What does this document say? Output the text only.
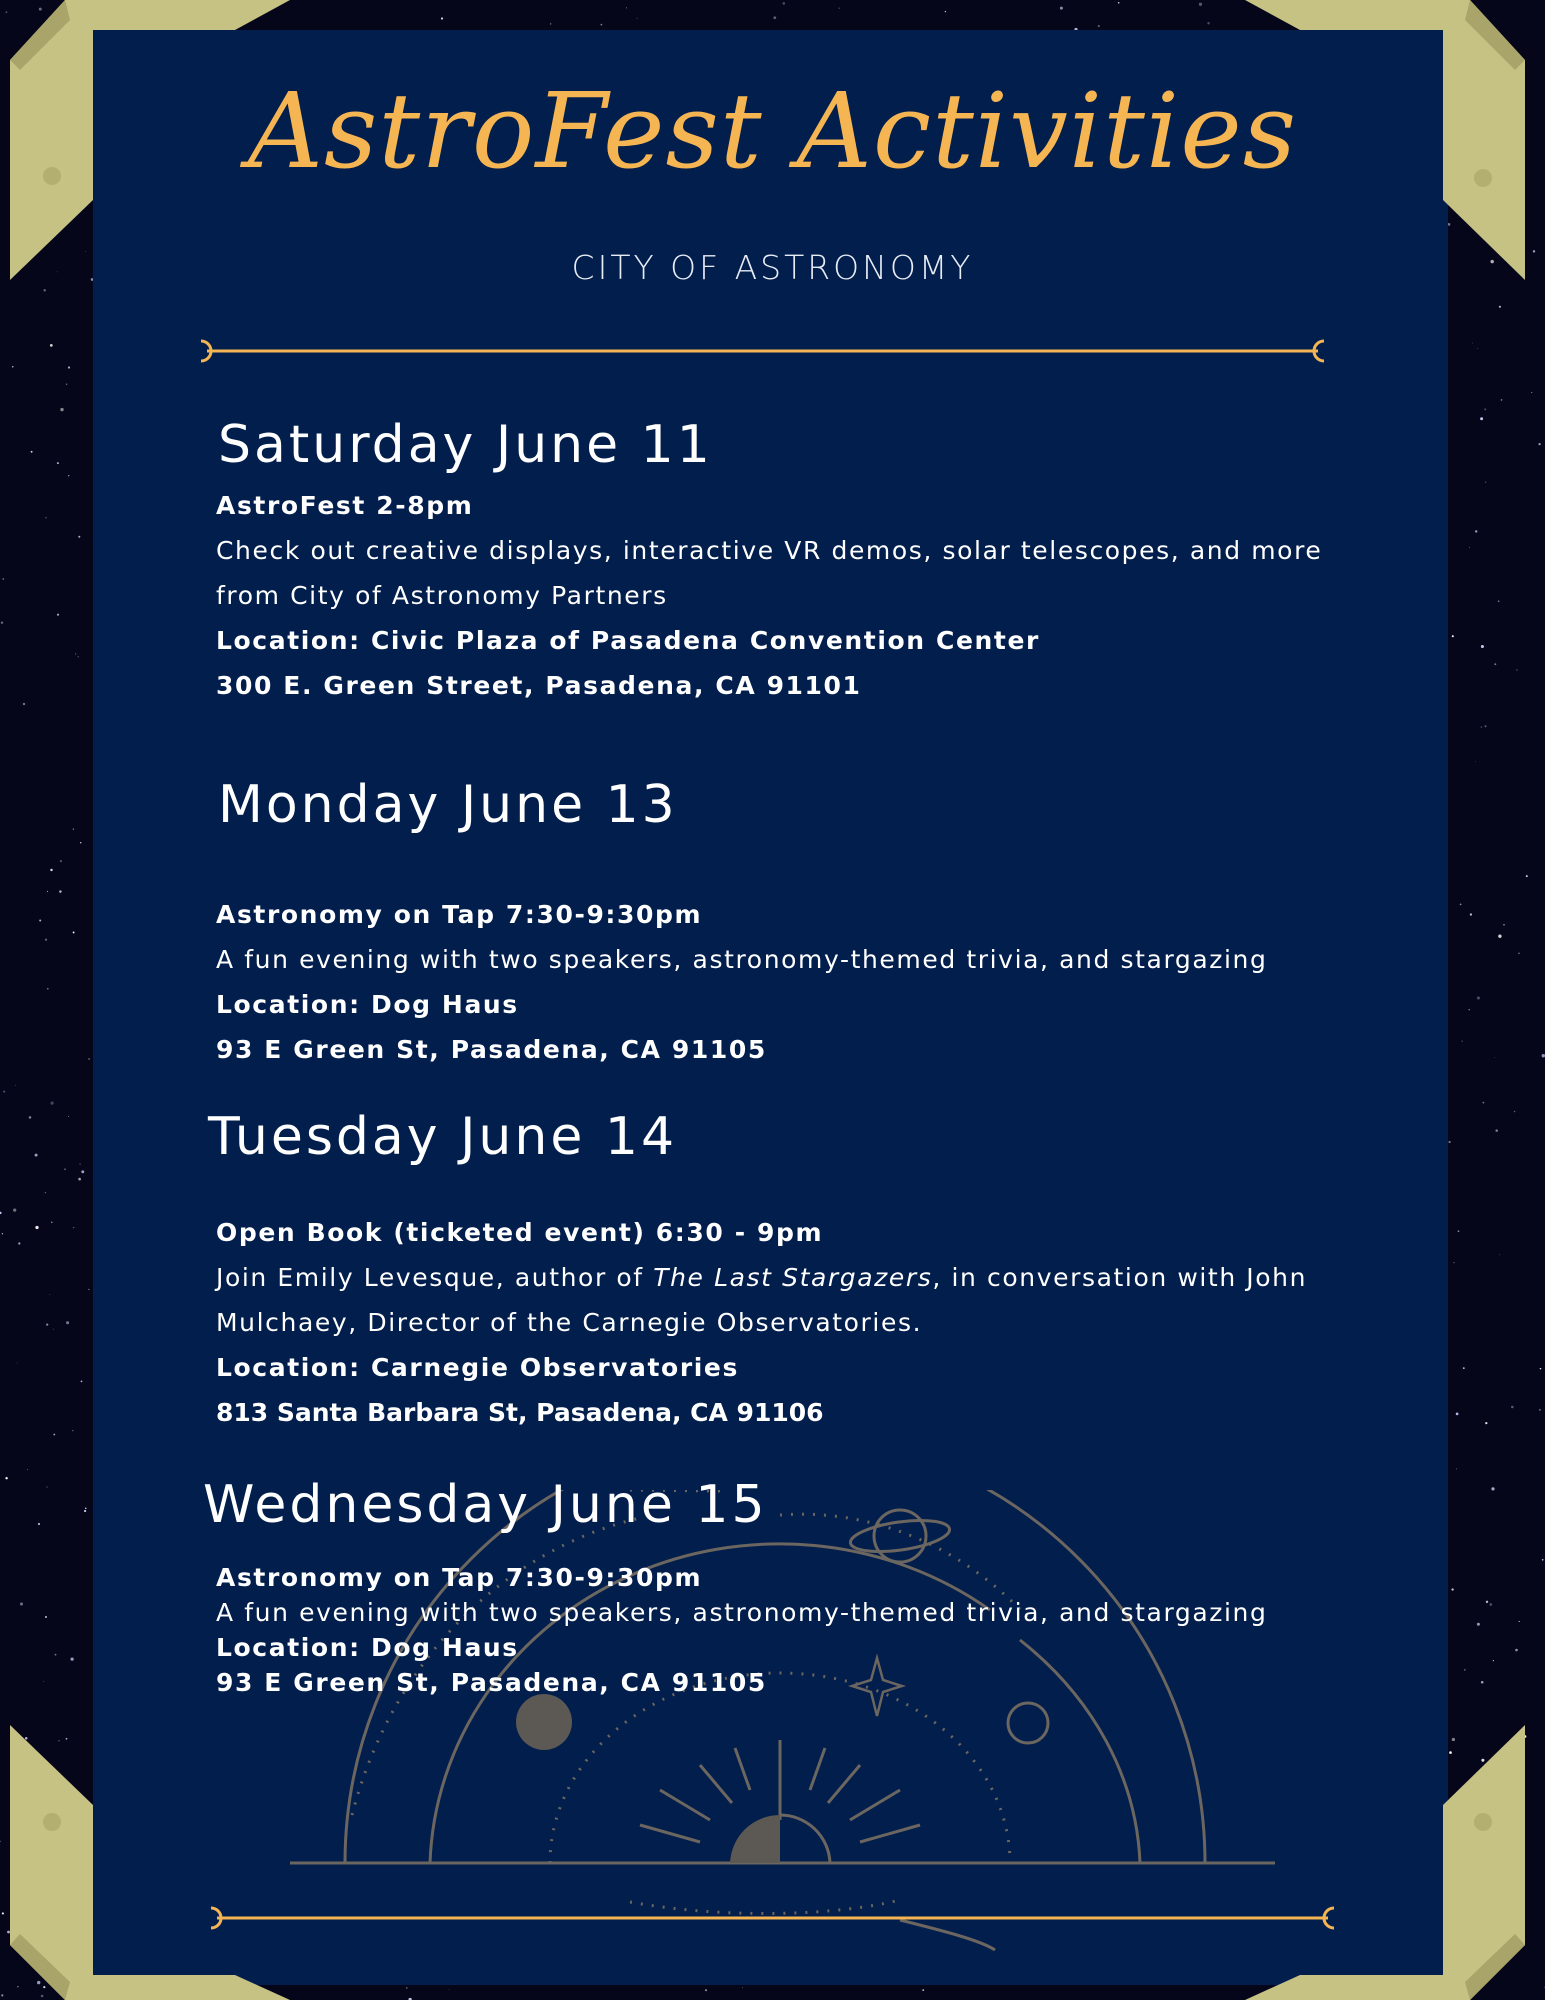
AstroFest Activities
CITY OF ASTRONOMY
Saturday June 11
AstroFest 2-8pm
Check out creative displays, interactive VR demos, solar telescopes, and more
from City of Astronomy Partners
Location: Civic Plaza of Pasadena Convention Center
300 E. Green Street, Pasadena, CA 91101
Monday June 13
Astronomy on Tap 7:30-9:30pm
A fun evening with two speakers, astronomy-themed trivia, and stargazing
Location: Dog Haus
93 E Green St, Pasadena, CA 91105
Tuesday June 14
Open Book (ticketed event) 6:30 - 9pm
Join Emily Levesque, author of The Last Stargazers, in conversation with John
Mulchaey, Director of the Carnegie Observatories.
Location: Carnegie Observatories
813 Santa Barbara St, Pasadena, CA 91106
Wednesday June 15
Astronomy on Tap 7:30-9:30pm
A fun evening with two speakers, astronomy-themed trivia, and stargazing
Location: Dog Haus
93 E Green St, Pasadena, CA 91105
